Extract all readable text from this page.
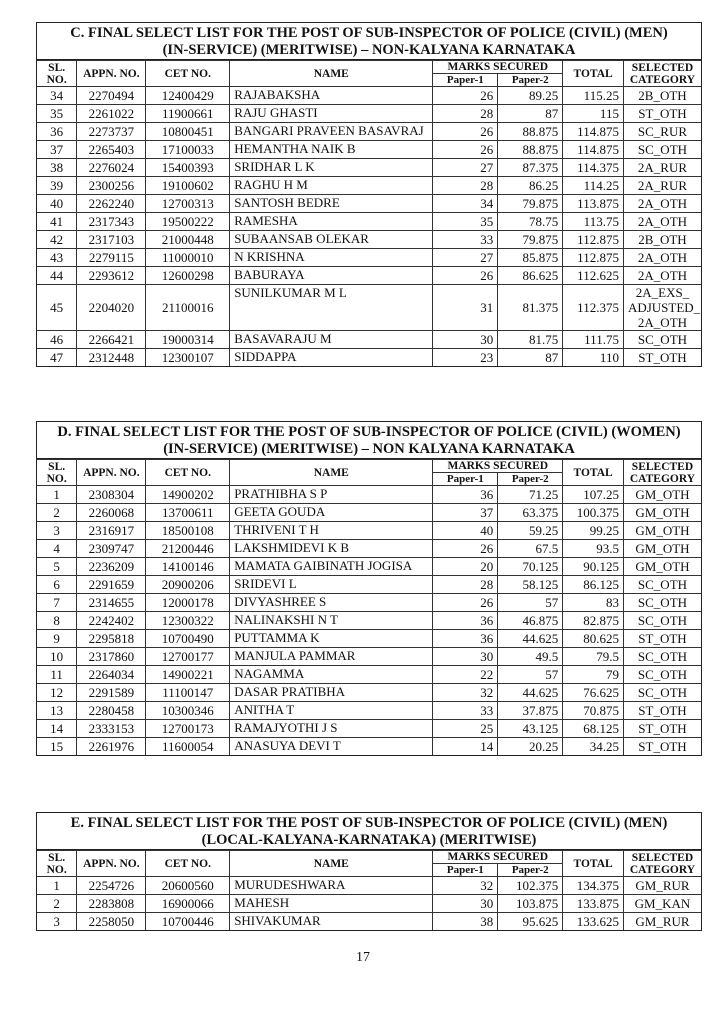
C. FINAL SELECT LIST FOR THE POST OF SUB-INSPECTOR OF POLICE (CIVIL) (MEN)
(IN-SERVICE) (MERITWISE) – NON-KALYANA KARNATAKA
SL. NO.	APPN. NO.	CET NO.	NAME	MARKS SECURED		TOTAL	SELECTED CATEGORY
				Paper-1	Paper-2		
34	2270494	12400429	RAJABAKSHA	26	89.25	115.25	2B_OTH
35	2261022	11900661	RAJU GHASTI	28	87	115	ST_OTH
36	2273737	10800451	BANGARI PRAVEEN BASAVRAJ	26	88.875	114.875	SC_RUR
37	2265403	17100033	HEMANTHA NAIK B	26	88.875	114.875	SC_OTH
38	2276024	15400393	SRIDHAR L K	27	87.375	114.375	2A_RUR
39	2300256	19100602	RAGHU H M	28	86.25	114.25	2A_RUR
40	2262240	12700313	SANTOSH BEDRE	34	79.875	113.875	2A_OTH
41	2317343	19500222	RAMESHA	35	78.75	113.75	2A_OTH
42	2317103	21000448	SUBAANSAB OLEKAR	33	79.875	112.875	2B_OTH
43	2279115	11000010	N KRISHNA	27	85.875	112.875	2A_OTH
44	2293612	12600298	BABURAYA	26	86.625	112.625	2A_OTH
45	2204020	21100016	SUNILKUMAR M L	31	81.375	112.375	2A_EXS_ ADJUSTED_ 2A_OTH
46	2266421	19000314	BASAVARAJU M	30	81.75	111.75	SC_OTH
47	2312448	12300107	SIDDAPPA	23	87	110	ST_OTH
D. FINAL SELECT LIST FOR THE POST OF SUB-INSPECTOR OF POLICE (CIVIL) (WOMEN)
(IN-SERVICE) (MERITWISE) – NON KALYANA KARNATAKA
SL. NO.	APPN. NO.	CET NO.	NAME	MARKS SECURED		TOTAL	SELECTED CATEGORY
				Paper-1	Paper-2		
1	2308304	14900202	PRATHIBHA S P	36	71.25	107.25	GM_OTH
2	2260068	13700611	GEETA GOUDA	37	63.375	100.375	GM_OTH
3	2316917	18500108	THRIVENI T H	40	59.25	99.25	GM_OTH
4	2309747	21200446	LAKSHMIDEVI K B	26	67.5	93.5	GM_OTH
5	2236209	14100146	MAMATA GAIBINATH JOGISA	20	70.125	90.125	GM_OTH
6	2291659	20900206	SRIDEVI L	28	58.125	86.125	SC_OTH
7	2314655	12000178	DIVYASHREE S	26	57	83	SC_OTH
8	2242402	12300322	NALINAKSHI N T	36	46.875	82.875	SC_OTH
9	2295818	10700490	PUTTAMMA K	36	44.625	80.625	ST_OTH
10	2317860	12700177	MANJULA PAMMAR	30	49.5	79.5	SC_OTH
11	2264034	14900221	NAGAMMA	22	57	79	SC_OTH
12	2291589	11100147	DASAR PRATIBHA	32	44.625	76.625	SC_OTH
13	2280458	10300346	ANITHA T	33	37.875	70.875	ST_OTH
14	2333153	12700173	RAMAJYOTHI J S	25	43.125	68.125	ST_OTH
15	2261976	11600054	ANASUYA DEVI T	14	20.25	34.25	ST_OTH
E. FINAL SELECT LIST FOR THE POST OF SUB-INSPECTOR OF POLICE (CIVIL) (MEN)
(LOCAL-KALYANA-KARNATAKA) (MERITWISE)
SL. NO.	APPN. NO.	CET NO.	NAME	MARKS SECURED		TOTAL	SELECTED CATEGORY
				Paper-1	Paper-2		
1	2254726	20600560	MURUDESHWARA	32	102.375	134.375	GM_RUR
2	2283808	16900066	MAHESH	30	103.875	133.875	GM_KAN
3	2258050	10700446	SHIVAKUMAR	38	95.625	133.625	GM_RUR
17
